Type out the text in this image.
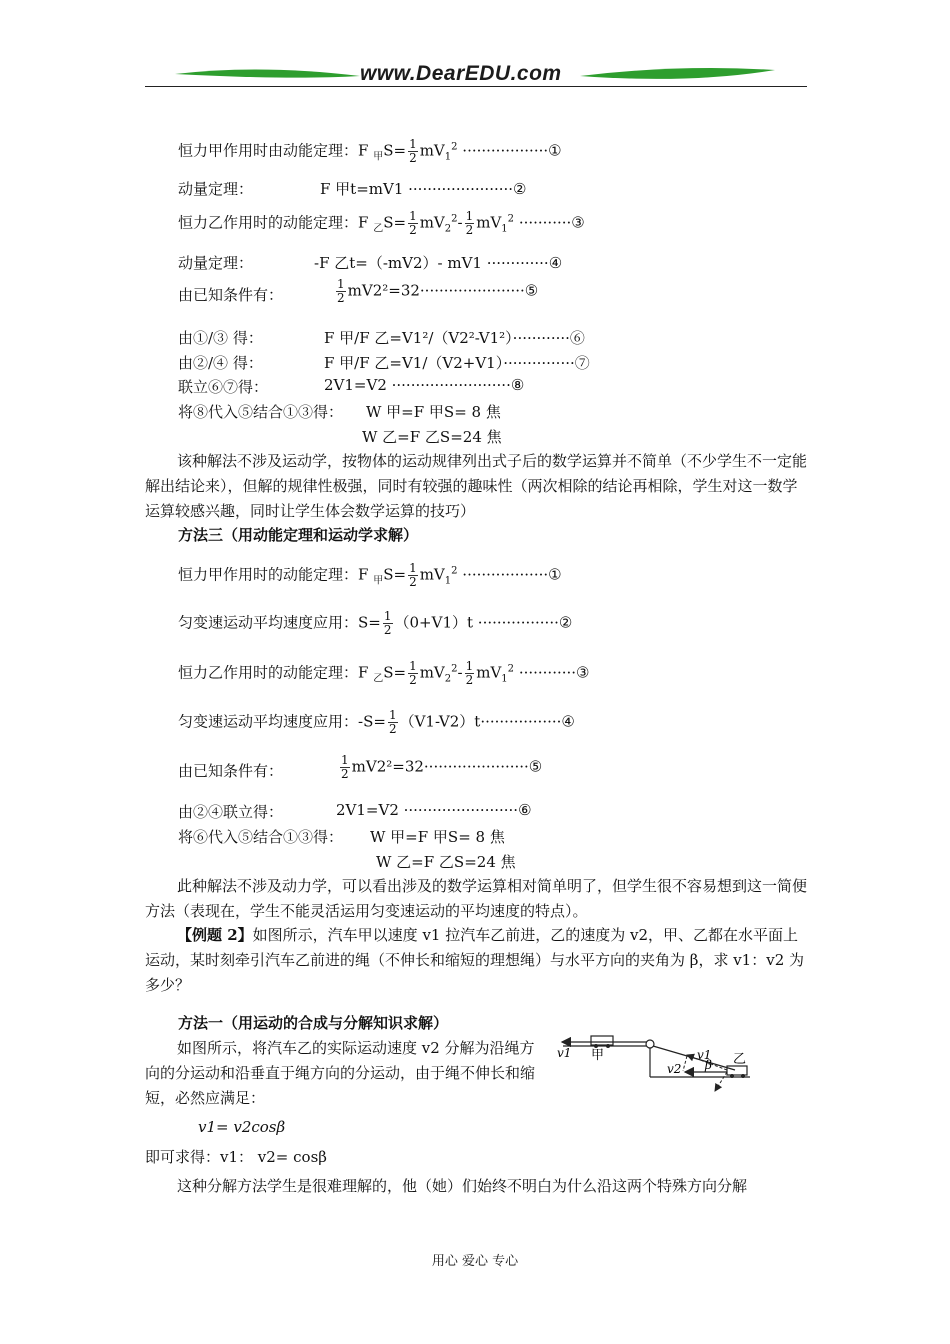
www.DearEDU.com
恒力甲作用时由动能定理：F $_甲S= \frac{1}{2} mV_1^2$ ··················①
动量定理：	F 甲t=mV1 ······················②
恒力乙作用时的动能定理：F $_乙S= \frac{1}{2} mV_2^2- \frac{1}{2} mV_1^2$ ···········③
动量定理：	-F 乙t=（-mV2）- mV1 ·············④
由已知条件有：	$\frac{1}{2}$ mV2²=32······················⑤
由①/③ 得：	F 甲/F 乙=V1²/（V2²-V1²）············⑥
由②/④ 得：	F 甲/F 乙=V1/（V2+V1）···············⑦
联立⑥⑦得：	2V1=V2 ·························⑧
将⑧代入⑤结合①③得： W 甲=F 甲S= 8 焦
W 乙=F 乙S=24 焦
该种解法不涉及运动学，按物体的运动规律列出式子后的数学运算并不简单（不少学生不一定能解出结论来），但解的规律性极强，同时有较强的趣味性（两次相除的结论再相除，学生对这一数学运算较感兴趣，同时让学生体会数学运算的技巧）
方法三（用动能定理和运动学求解）
恒力甲作用时的动能定理：F $_甲S= \frac{1}{2} mV_1^2$ ··················①
匀变速运动平均速度应用：$S= \frac{1}{2} (0+V1)t$ ·················②
恒力乙作用时的动能定理：F $_乙S= \frac{1}{2} mV_2^2- \frac{1}{2} mV_1^2$ ············③
匀变速运动平均速度应用：$-S= \frac{1}{2}$ （V1-V2）t·················④
由已知条件有：	$\frac{1}{2}$ mV2²=32······················⑤
由②④联立得：	2V1=V2 ························⑥
将⑥代入⑤结合①③得： W 甲=F 甲S= 8 焦
W 乙=F 乙S=24 焦
此种解法不涉及动力学，可以看出涉及的数学运算相对简单明了，但学生很不容易想到这一简便方法（表现在，学生不能灵活运用匀变速运动的平均速度的特点）。
【例题 2】如图所示，汽车甲以速度 v1 拉汽车乙前进，乙的速度为 v2，甲、乙都在水平面上运动，某时刻牵引汽车乙前进的绳（不伸长和缩短的理想绳）与水平方向的夹角为 β，求 v1：v2 为多少？
方法一（用运动的合成与分解知识求解）
如图所示，将汽车乙的实际运动速度 v2 分解为沿绳方向的分运动和沿垂直于绳方向的分运动，由于绳不伸长和缩短，必然应满足：
v1= v2cosβ
即可求得：v1： v2= cosβ
这种分解方法学生是很难理解的，他（她）们始终不明白为什么沿这两个特殊方向分解
v1 甲	v1
β 乙
v2
用心 爱心 专心
